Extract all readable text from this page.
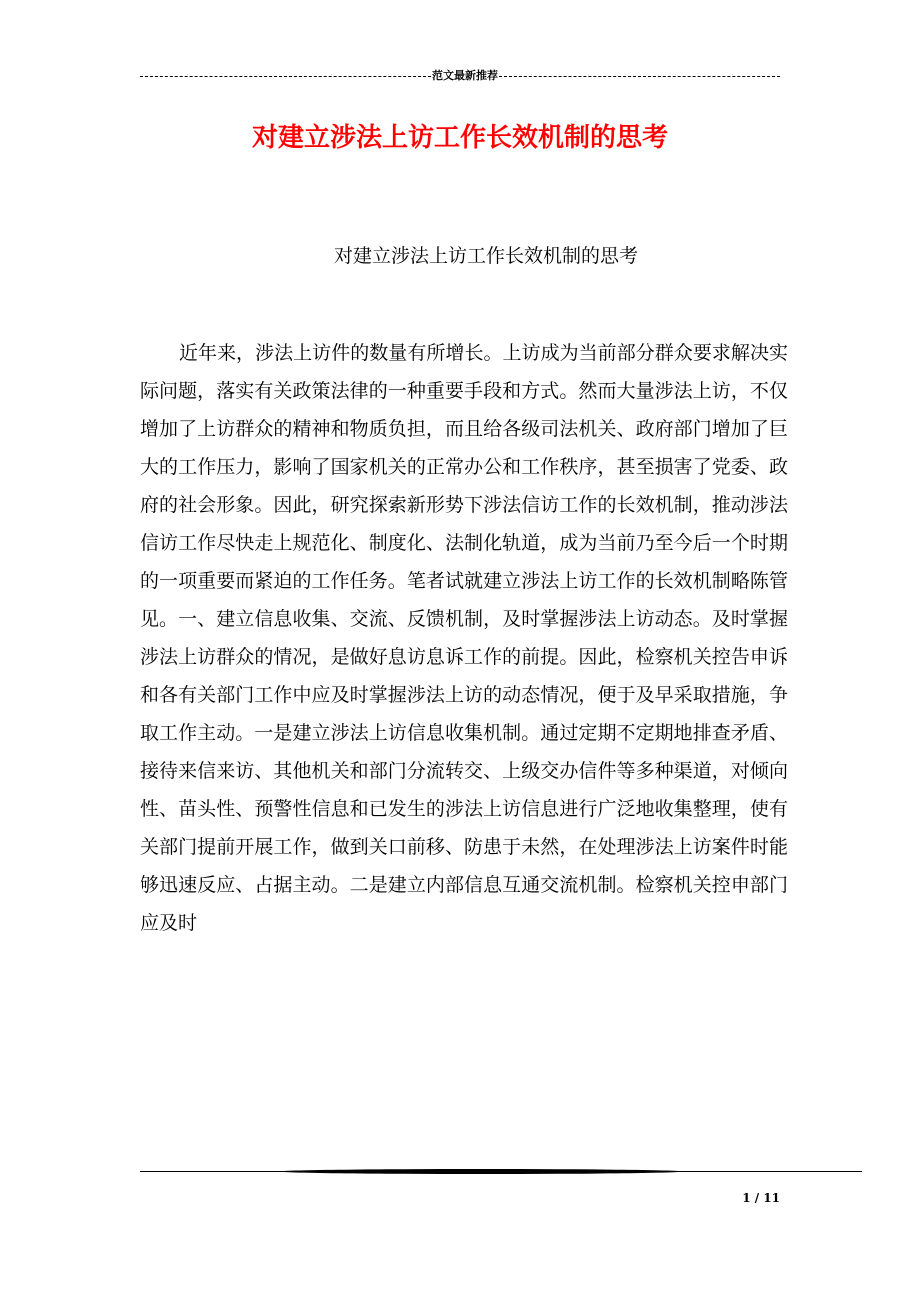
范文最新推荐
对建立涉法上访工作长效机制的思考

对建立涉法上访工作长效机制的思考

近年来，涉法上访件的数量有所增长。上访成为当前部分群众要求解决实际问题，落实有关政策法律的一种重要手段和方式。然而大量涉法上访，不仅增加了上访群众的精神和物质负担，而且给各级司法机关、政府部门增加了巨大的工作压力，影响了国家机关的正常办公和工作秩序，甚至损害了党委、政府的社会形象。因此，研究探索新形势下涉法信访工作的长效机制，推动涉法信访工作尽快走上规范化、制度化、法制化轨道，成为当前乃至今后一个时期的一项重要而紧迫的工作任务。笔者试就建立涉法上访工作的长效机制略陈管见。一、建立信息收集、交流、反馈机制，及时掌握涉法上访动态。及时掌握涉法上访群众的情况，是做好息访息诉工作的前提。因此，检察机关控告申诉和各有关部门工作中应及时掌握涉法上访的动态情况，便于及早采取措施，争取工作主动。一是建立涉法上访信息收集机制。通过定期不定期地排查矛盾、接待来信来访、其他机关和部门分流转交、上级交办信件等多种渠道，对倾向性、苗头性、预警性信息和已发生的涉法上访信息进行广泛地收集整理，使有关部门提前开展工作，做到关口前移、防患于未然，在处理涉法上访案件时能够迅速反应、占据主动。二是建立内部信息互通交流机制。检察机关控申部门应及时

1 / 11
